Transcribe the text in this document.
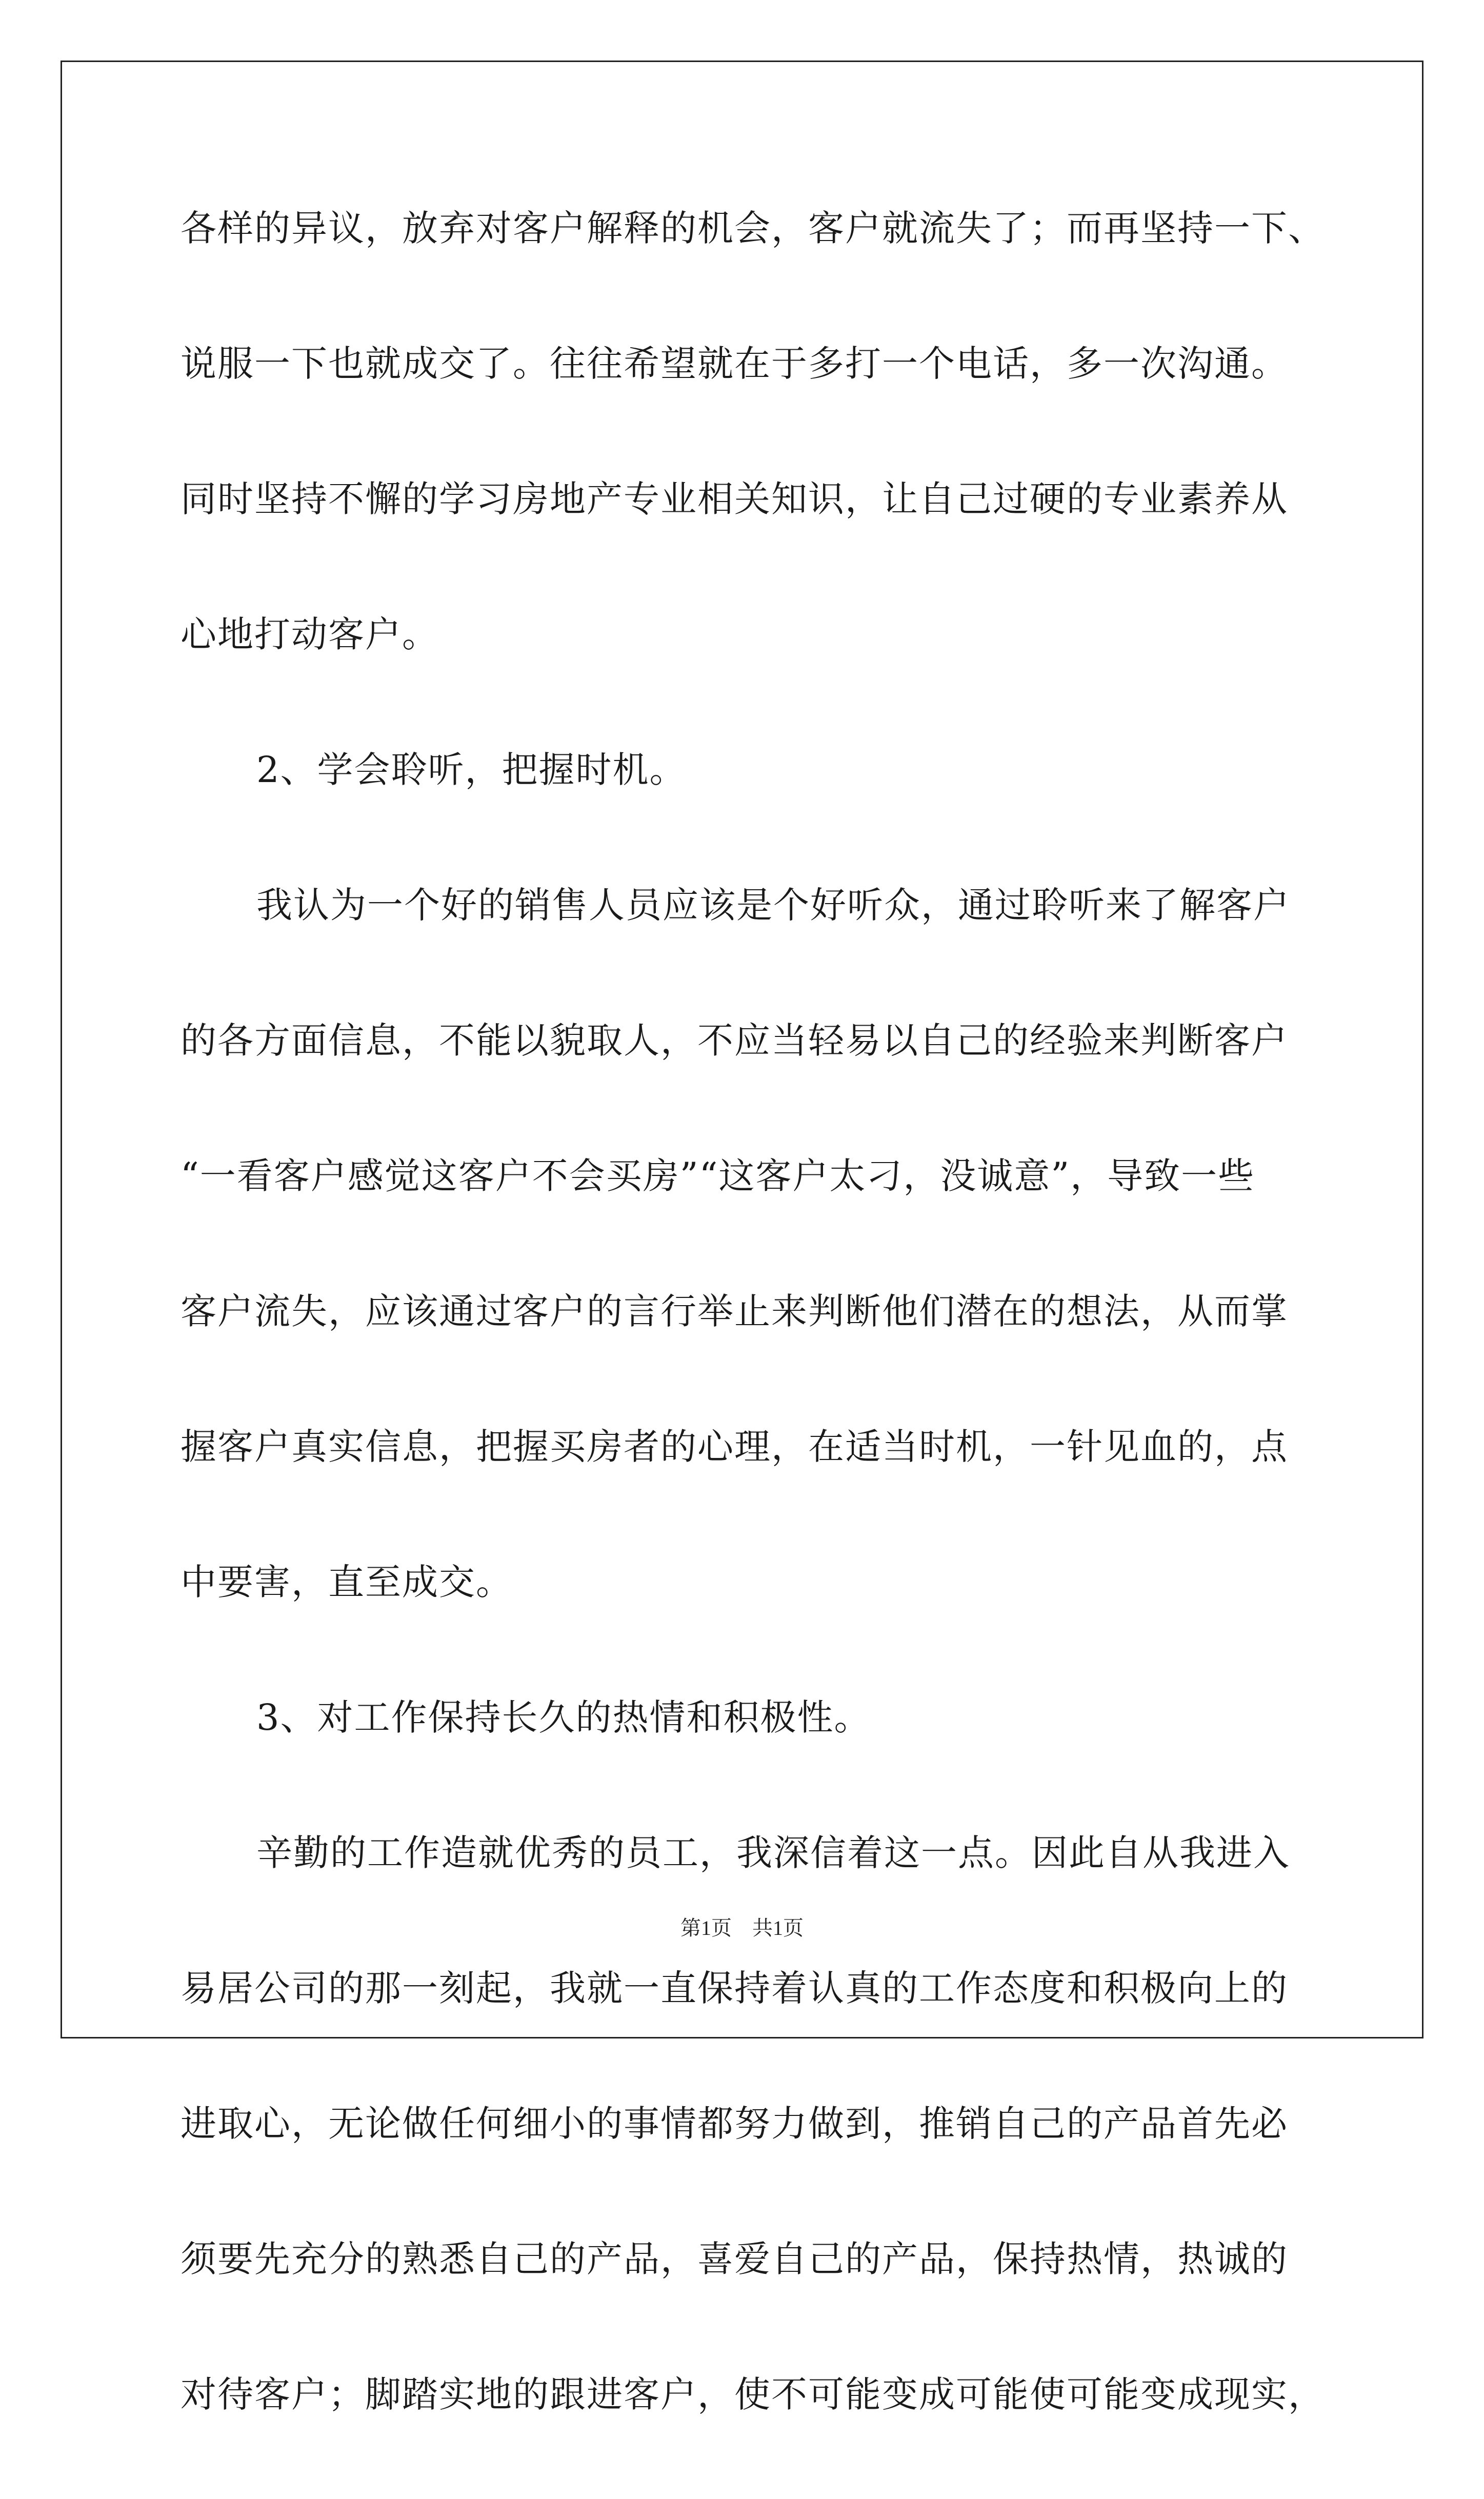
各样的异议，放弃对客户解释的机会，客户就流失了；而再坚持一下、
说服一下也就成交了。往往希望就在于多打一个电话，多一次沟通。
同时坚持不懈的学习房地产专业相关知识，让自己过硬的专业素养从
心地打动客户。
2、学会聆听，把握时机。
我认为一个好的销售人员应该是个好听众，通过聆听来了解客户
的各方面信息，不能以貌取人，不应当轻易以自己的经验来判断客户
“一看客户感觉这客户不会买房”“这客户太刁，没诚意”，导致一些
客户流失，应该通过客户的言行举止来判断他们潜在的想法，从而掌
握客户真实信息，把握买房者的心理，在适当时机，一针见血的，点
中要害，直至成交。
3、对工作保持长久的热情和积极性。
辛勤的工作造就优秀的员工，我深信着这一点。因此自从我进入
易居公司的那一刻起，我就一直保持着认真的工作态度和积极向上的
进取心，无论做任何细小的事情都努力做到，推销自己的产品首先必
须要先充分的熟悉自己的产品，喜爱自己的产品，保持热情，热诚的
对待客户；脚踏实地的跟进客户，使不可能变成可能使可能变成现实，
第1页　共1页
